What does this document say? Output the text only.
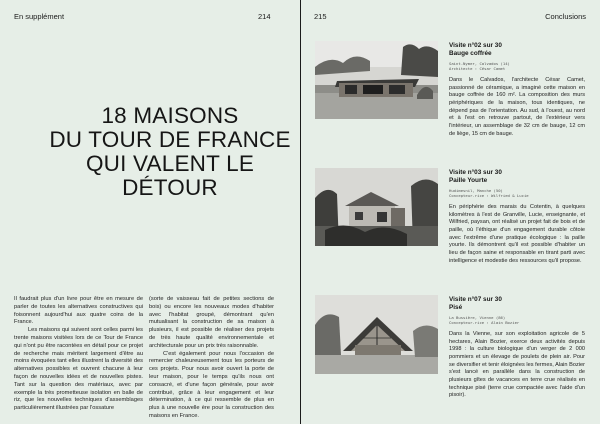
En supplément	214
18 MAISONS
DU TOUR DE FRANCE
QUI VALENT LE
DÉTOUR

Il faudrait plus d'un livre pour être en mesure de parler de toutes les alternatives constructives qui foisonnent aujourd'hui aux quatre coins de la France.

Les maisons qui suivent sont celles parmi les trente maisons visitées lors de ce Tour de France qui n'ont pu être racontées en détail pour ce projet de recherche mais méritent largement d'être au moins évoquées tant elles illustrent la diversité des alternatives possibles et ouvrent chacune à leur façon de nouvelles idées et de nouvelles pistes. Tant sur la question des matériaux, avec par exemple la très prometteuse isolation en balle de riz, que les nouvelles techniques d'assemblages particulièrement illustrées par l'ossature

(sorte de vaisseau fait de petites sections de bois) ou encore les nouveaux modes d'habiter avec l'habitat groupé, démontrant qu'en mutualisant la construction de sa maison à plusieurs, il est possible de réaliser des projets de très haute qualité environnementale et architecturale pour un prix très raisonnable.

C'est également pour nous l'occasion de remercier chaleureusement tous les porteurs de ces projets. Pour nous avoir ouvert la porte de leur maison, pour le temps qu'ils nous ont consacré, et d'une façon générale, pour avoir contribué, grâce à leur engagement et leur détermination, à ce qui ressemble de plus en plus à une nouvelle ère pour la construction des maisons en France.

215	Conclusions
Visite n°02 sur 30
Bauge coffrée
Saint-Nymer, Calvados (14)
Architecte : César Camet
Dans le Calvados, l'architecte César Camet, passionné de céramique, a imaginé cette maison en bauge coffrée de 160 m². La composition des murs périphériques de la maison, tous identiques, ne dépend pas de l'orientation. Au sud, à l'ouest, au nord et à l'est on retrouve partout, de l'extérieur vers l'intérieur, un assemblage de 32 cm de bauge, 12 cm de liège, 15 cm de bauge.
Visite n°03 sur 30
Paille Yourte
Hudimesnil, Manche (50)
Concepteur.rice : Wilfried & Lucie
En périphérie des marais du Cotentin, à quelques kilomètres à l'est de Granville, Lucie, enseignante, et Wilfried, paysan, ont réalisé un projet fait de bois et de paille, où l'éthique d'un engagement durable côtoie avec l'extrême d'une pratique écologique : la paille yourte. Ils démontrent qu'il est possible d'habiter un lieu de façon saine et responsable en tirant parti avec intelligence et modestie des ressources qu'il propose.
Visite n°07 sur 30
Pisé
La Bussière, Vienne (86)
Concepteur.rice : Alain Bozier
Dans la Vienne, sur son exploitation agricole de 5 hectares, Alain Bozier, exerce deux activités depuis 1998 : la culture biologique d'un verger de 2 000 pommiers et un élevage de poulets de plein air. Pour se diversifier et tenir éloignées les fermes, Alain Bozier s'est lancé en parallèle dans la construction de plusieurs gîtes de vacances en terre crue réalisés en technique pisé (terre crue compactée avec l'aide d'un pisoir).
